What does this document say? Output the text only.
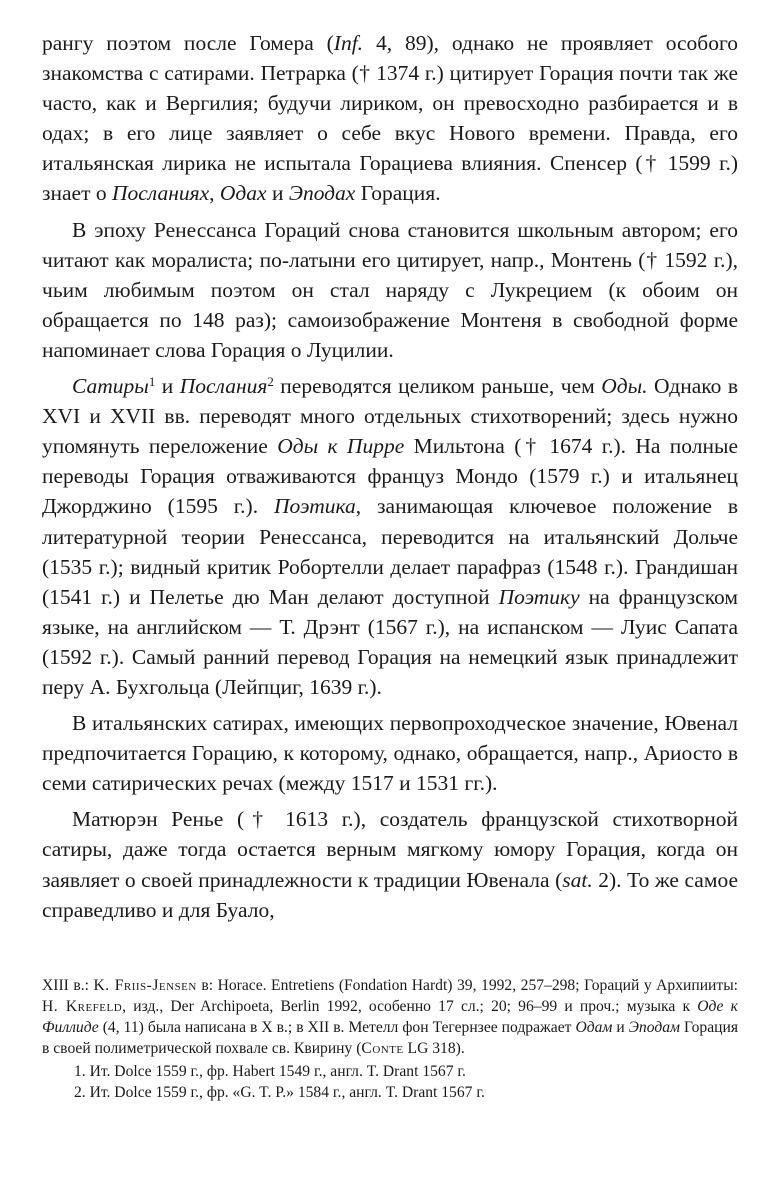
рангу поэтом после Гомера (Inf. 4, 89), однако не проявляет особого знакомства с сатирами. Петрарка († 1374 г.) цитирует Горация почти так же часто, как и Вергилия; будучи лириком, он превосходно разбирается и в одах; в его лице заявляет о себе вкус Нового времени. Правда, его итальянская лирика не испытала Горациева влияния. Спенсер († 1599 г.) знает о Посланиях, Одах и Эподах Горация.

В эпоху Ренессанса Гораций снова становится школьным автором; его читают как моралиста; по-латыни его цитирует, напр., Монтень († 1592 г.), чьим любимым поэтом он стал наряду с Лукрецием (к обоим он обращается по 148 раз); самоизображение Монтеня в свободной форме напоминает слова Горация о Луцилии.

Сатиры$^1$ и Послания$^2$ переводятся целиком раньше, чем Оды. Однако в XVI и XVII вв. переводят много отдельных стихотворений; здесь нужно упомянуть переложение Оды к Пирре Мильтона († 1674 г.). На полные переводы Горация отваживаются француз Мондо (1579 г.) и итальянец Джорджино (1595 г.). Поэтика, занимающая ключевое положение в литературной теории Ренессанса, переводится на итальянский Дольче (1535 г.); видный критик Робортелли делает парафраз (1548 г.). Грандишан (1541 г.) и Пелетье дю Ман делают доступной Поэтику на французском языке, на английском — Т. Дрэнт (1567 г.), на испанском — Луис Сапата (1592 г.). Самый ранний перевод Горация на немецкий язык принадлежит перу А. Бухгольца (Лейпциг, 1639 г.).

В итальянских сатирах, имеющих первопроходческое значение, Ювенал предпочитается Горацию, к которому, однако, обращается, напр., Ариосто в семи сатирических речах (между 1517 и 1531 гг.).

Матюрэн Ренье († 1613 г.), создатель французской стихотворной сатиры, даже тогда остается верным мягкому юмору Горация, когда он заявляет о своей принадлежности к традиции Ювенала (sat. 2). То же самое справедливо и для Буало,

XIII в.: K. Friis-Jensen в: Horace. Entretiens (Fondation Hardt) 39, 1992, 257–298; Гораций у Архипииты: H. Krefeld, изд., Der Archipoeta, Berlin 1992, особенно 17 сл.; 20; 96–99 и проч.; музыка к Оде к Филлиде (4, 11) была написана в X в.; в XII в. Метелл фон Тегернзее подражает Одам и Эподам Горация в своей полиметрической похвале св. Квирину (Conte LG 318).

1. Ит. Dolce 1559 г., фр. Habert 1549 г., англ. T. Drant 1567 г.
2. Ит. Dolce 1559 г., фр. «G. T. P.» 1584 г., англ. T. Drant 1567 г.
